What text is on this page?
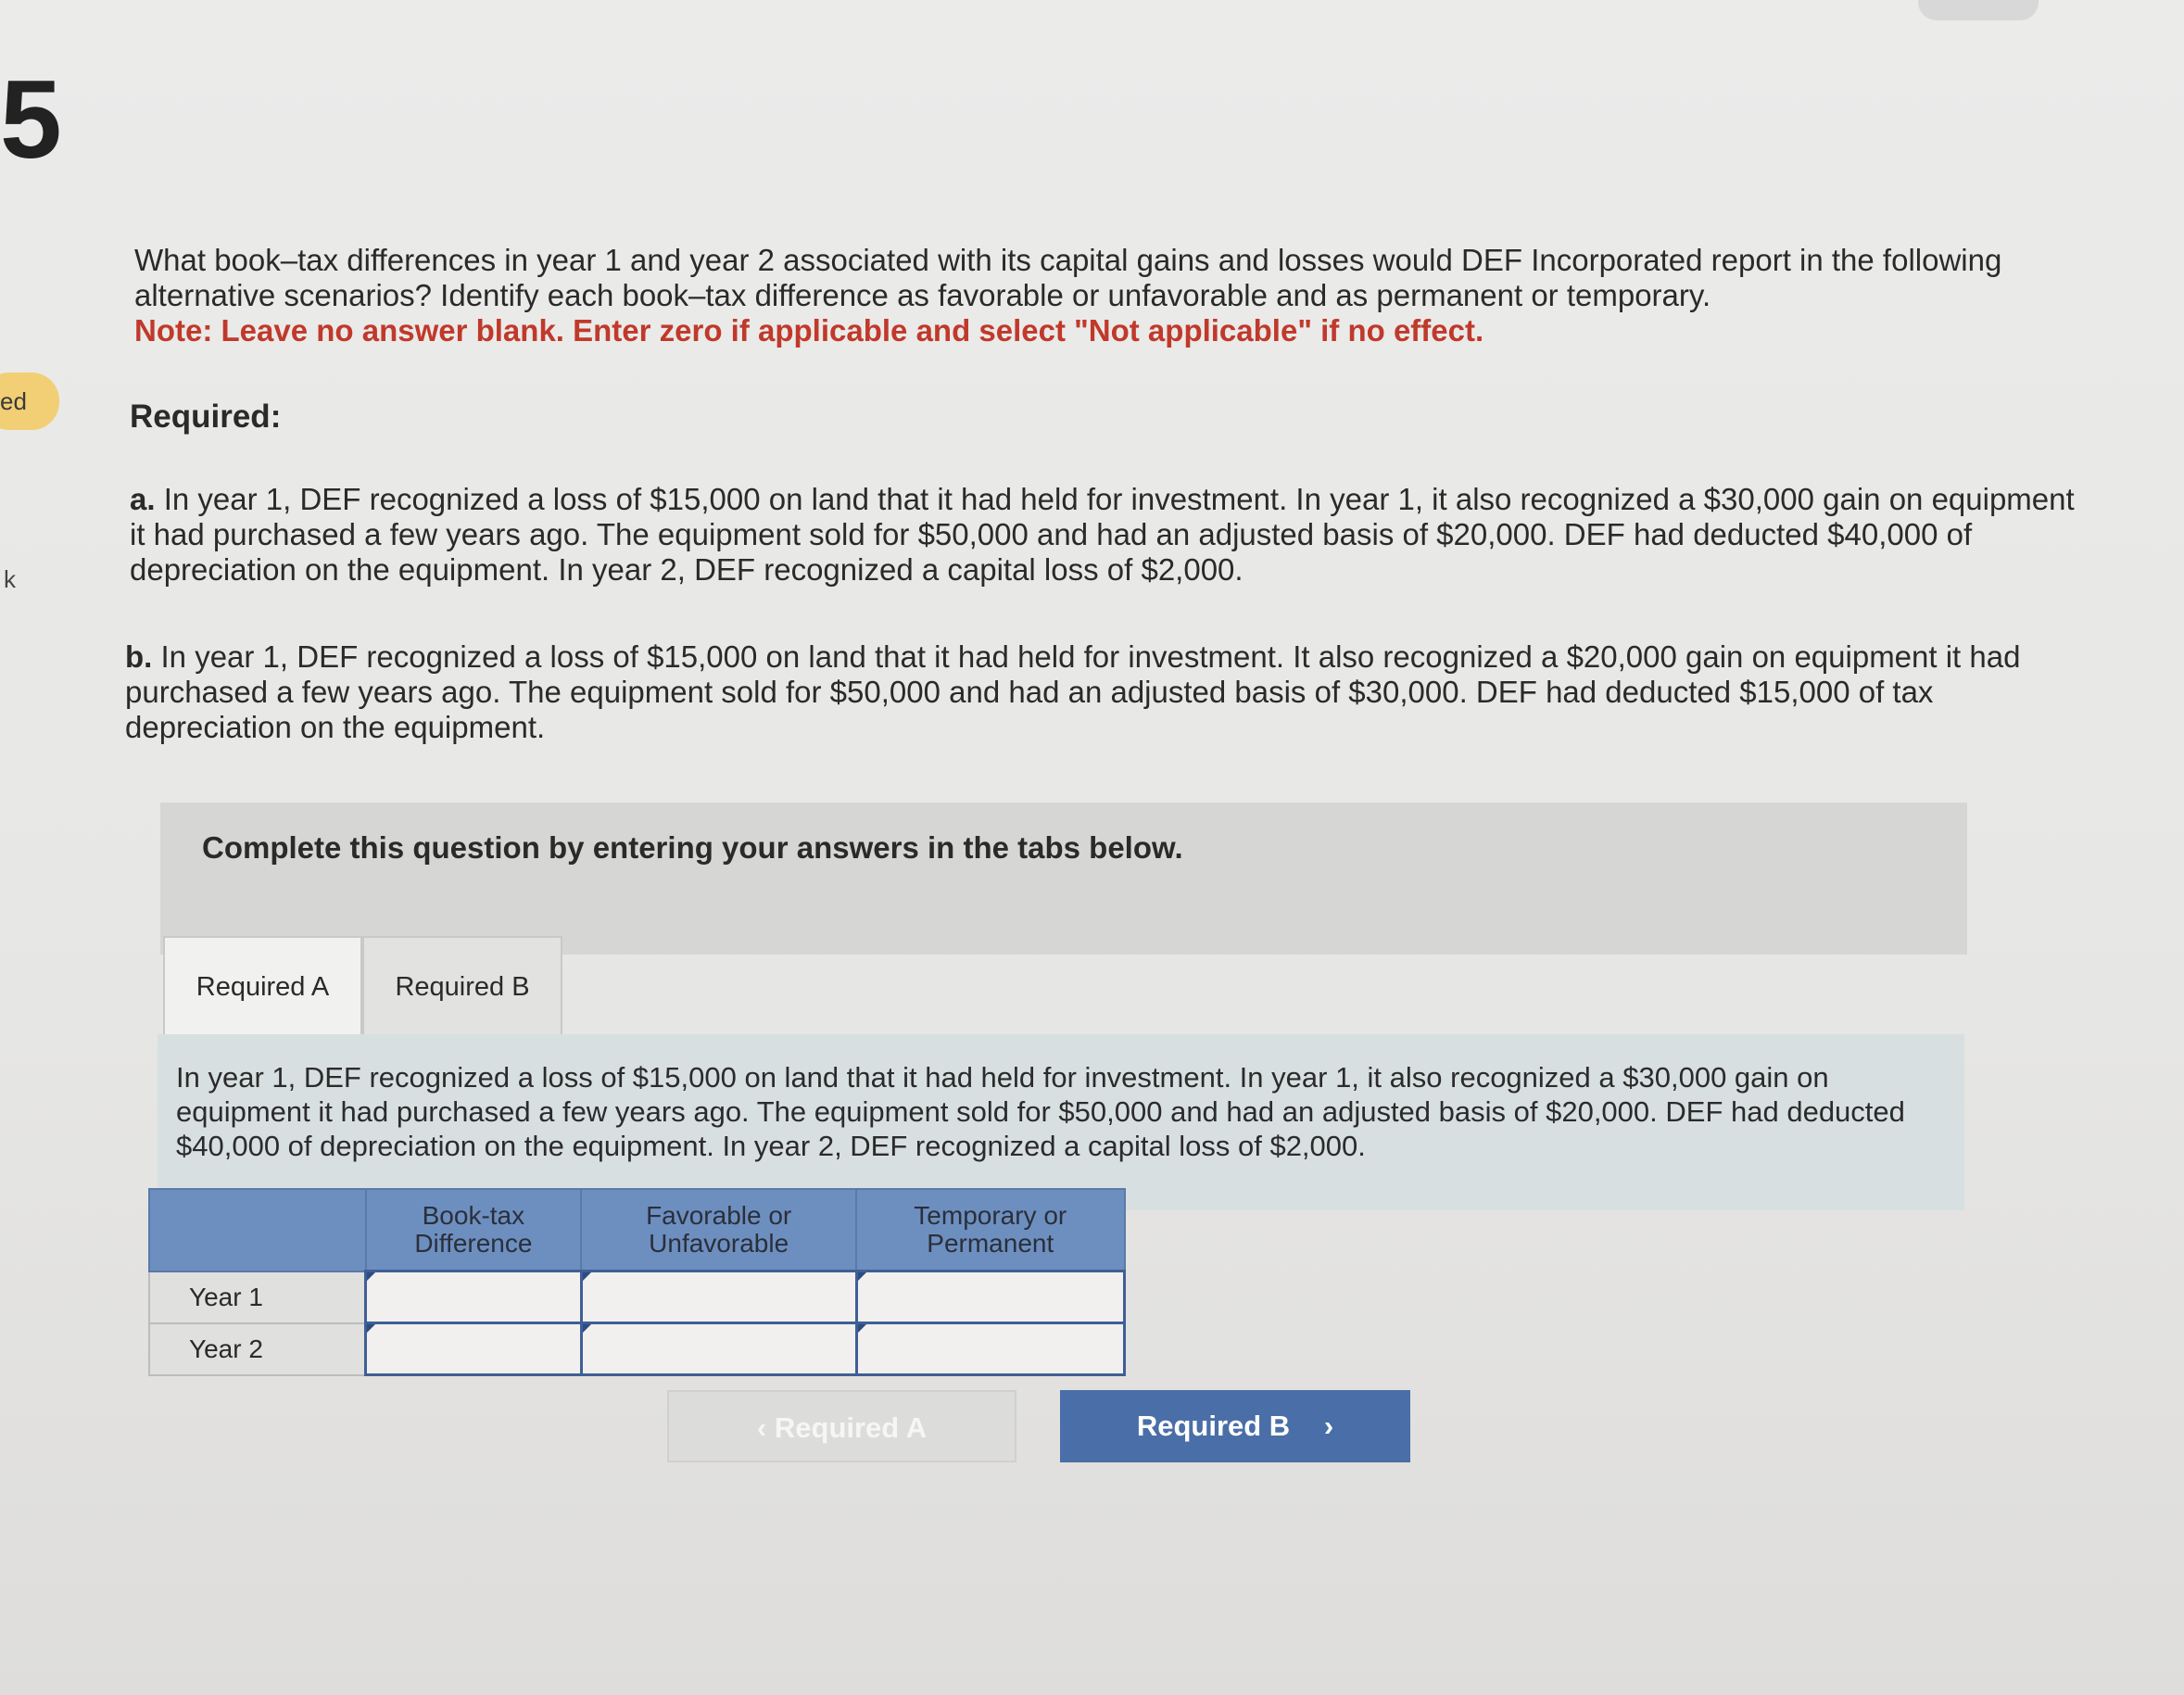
5
ed
k
What book–tax differences in year 1 and year 2 associated with its capital gains and losses would DEF Incorporated report in the following alternative scenarios? Identify each book–tax difference as favorable or unfavorable and as permanent or temporary.
Note: Leave no answer blank. Enter zero if applicable and select "Not applicable" if no effect.
Required:
a. In year 1, DEF recognized a loss of $15,000 on land that it had held for investment. In year 1, it also recognized a $30,000 gain on equipment it had purchased a few years ago. The equipment sold for $50,000 and had an adjusted basis of $20,000. DEF had deducted $40,000 of depreciation on the equipment. In year 2, DEF recognized a capital loss of $2,000.
b. In year 1, DEF recognized a loss of $15,000 on land that it had held for investment. It also recognized a $20,000 gain on equipment it had purchased a few years ago. The equipment sold for $50,000 and had an adjusted basis of $30,000. DEF had deducted $15,000 of tax depreciation on the equipment.
Complete this question by entering your answers in the tabs below.
Required A	Required B
In year 1, DEF recognized a loss of $15,000 on land that it had held for investment. In year 1, it also recognized a $30,000 gain on equipment it had purchased a few years ago. The equipment sold for $50,000 and had an adjusted basis of $20,000. DEF had deducted $40,000 of depreciation on the equipment. In year 2, DEF recognized a capital loss of $2,000.
	Book-tax Difference	Favorable or Unfavorable	Temporary or Permanent
Year 1			
Year 2			
‹ Required A	Required B ›
